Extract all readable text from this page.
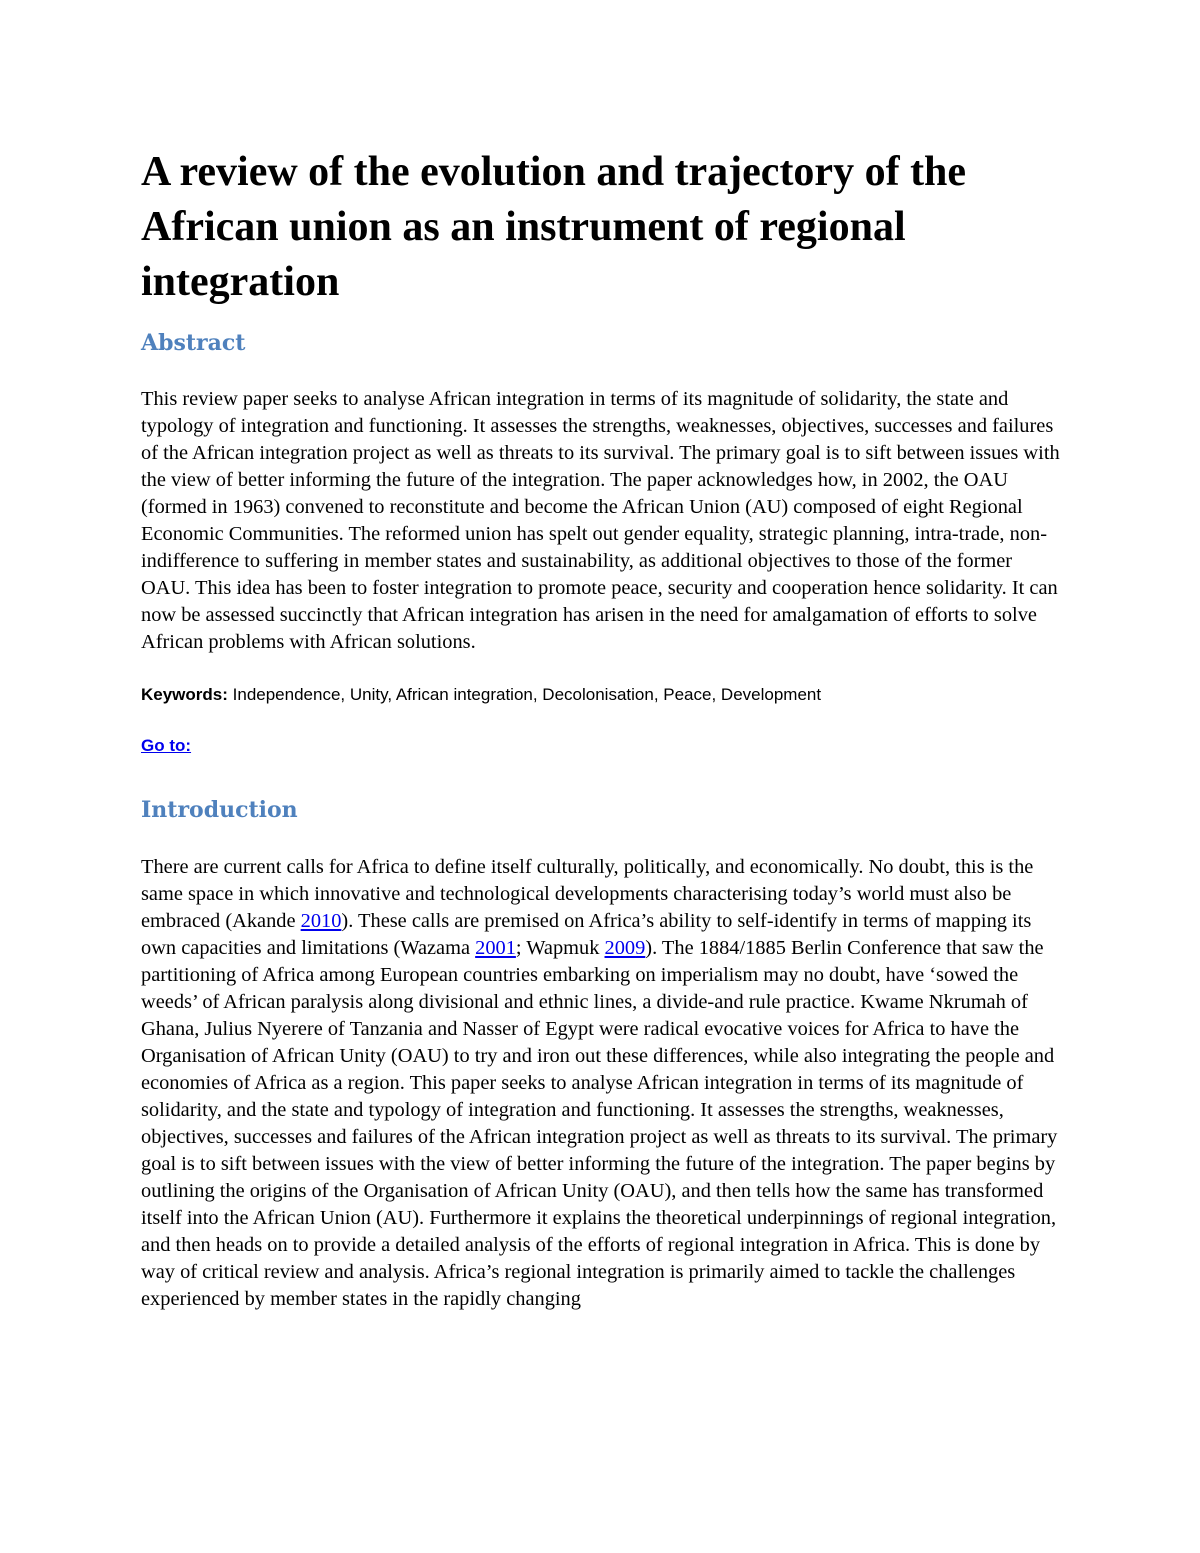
A review of the evolution and trajectory of the African union as an instrument of regional integration
Abstract

This review paper seeks to analyse African integration in terms of its magnitude of solidarity, the state and typology of integration and functioning. It assesses the strengths, weaknesses, objectives, successes and failures of the African integration project as well as threats to its survival. The primary goal is to sift between issues with the view of better informing the future of the integration. The paper acknowledges how, in 2002, the OAU (formed in 1963) convened to reconstitute and become the African Union (AU) composed of eight Regional Economic Communities. The reformed union has spelt out gender equality, strategic planning, intra-trade, non-indifference to suffering in member states and sustainability, as additional objectives to those of the former OAU. This idea has been to foster integration to promote peace, security and cooperation hence solidarity. It can now be assessed succinctly that African integration has arisen in the need for amalgamation of efforts to solve African problems with African solutions.

Keywords: Independence, Unity, African integration, Decolonisation, Peace, Development

Go to:

Introduction

There are current calls for Africa to define itself culturally, politically, and economically. No doubt, this is the same space in which innovative and technological developments characterising today’s world must also be embraced (Akande 2010). These calls are premised on Africa’s ability to self-identify in terms of mapping its own capacities and limitations (Wazama 2001; Wapmuk 2009). The 1884/1885 Berlin Conference that saw the partitioning of Africa among European countries embarking on imperialism may no doubt, have ‘sowed the weeds’ of African paralysis along divisional and ethnic lines, a divide-and rule practice. Kwame Nkrumah of Ghana, Julius Nyerere of Tanzania and Nasser of Egypt were radical evocative voices for Africa to have the Organisation of African Unity (OAU) to try and iron out these differences, while also integrating the people and economies of Africa as a region. This paper seeks to analyse African integration in terms of its magnitude of solidarity, and the state and typology of integration and functioning. It assesses the strengths, weaknesses, objectives, successes and failures of the African integration project as well as threats to its survival. The primary goal is to sift between issues with the view of better informing the future of the integration. The paper begins by outlining the origins of the Organisation of African Unity (OAU), and then tells how the same has transformed itself into the African Union (AU). Furthermore it explains the theoretical underpinnings of regional integration, and then heads on to provide a detailed analysis of the efforts of regional integration in Africa. This is done by way of critical review and analysis. Africa’s regional integration is primarily aimed to tackle the challenges experienced by member states in the rapidly changing
